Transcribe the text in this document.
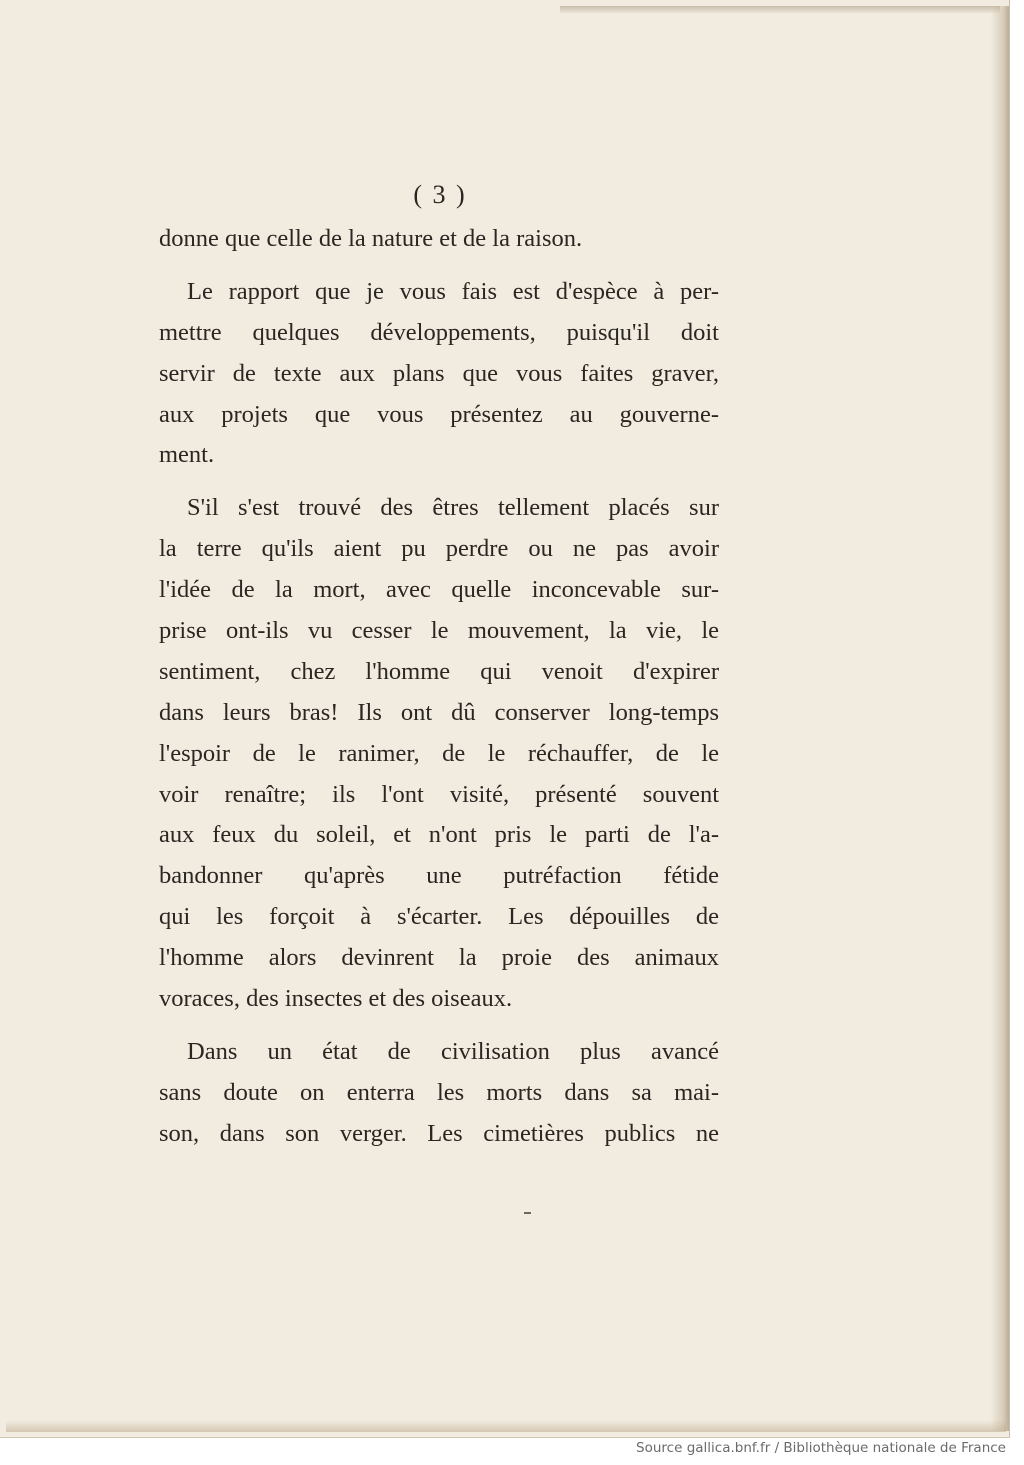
( 3 )
donne que celle de la nature et de la raison.
Le rapport que je vous fais est d'espèce à per-
mettre quelques développements, puisqu'il doit
servir de texte aux plans que vous faites graver,
aux projets que vous présentez au gouverne-
ment.
S'il s'est trouvé des êtres tellement placés sur
la terre qu'ils aient pu perdre ou ne pas avoir
l'idée de la mort, avec quelle inconcevable sur-
prise ont-ils vu cesser le mouvement, la vie, le
sentiment, chez l'homme qui venoit d'expirer
dans leurs bras! Ils ont dû conserver long-temps
l'espoir de le ranimer, de le réchauffer, de le
voir renaître; ils l'ont visité, présenté souvent
aux feux du soleil, et n'ont pris le parti de l'a-
bandonner qu'après une putréfaction fétide
qui les forçoit à s'écarter. Les dépouilles de
l'homme alors devinrent la proie des animaux
voraces, des insectes et des oiseaux.
Dans un état de civilisation plus avancé
sans doute on enterra les morts dans sa mai-
son, dans son verger. Les cimetières publics ne
Source gallica.bnf.fr / Bibliothèque nationale de France
